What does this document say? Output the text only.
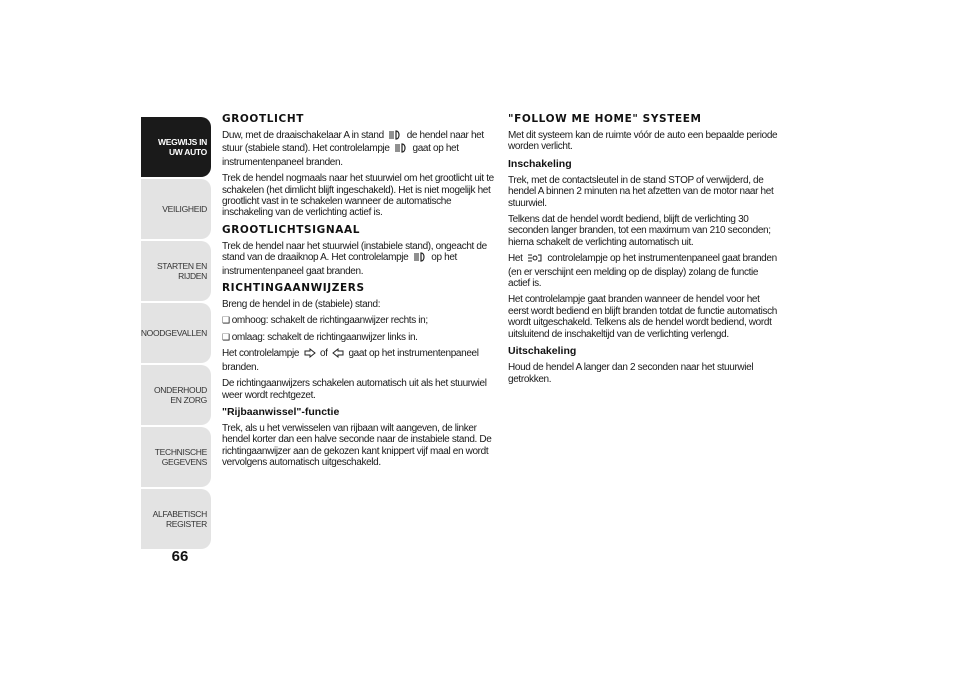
WEGWIJS IN UW AUTO
VEILIGHEID
STARTEN EN RIJDEN
NOODGEVALLEN
ONDERHOUD EN ZORG
TECHNISCHE GEGEVENS
ALFABETISCH REGISTER
66
GROOTLICHT

Duw, met de draaischakelaar A in stand de hendel naar het stuur (stabiele stand). Het controlelampje gaat op het instrumentenpaneel branden.

Trek de hendel nogmaals naar het stuurwiel om het grootlicht uit te schakelen (het dimlicht blijft ingeschakeld). Het is niet mogelijk het grootlicht vast in te schakelen wanneer de automatische inschakeling van de verlichting actief is.

GROOTLICHTSIGNAAL

Trek de hendel naar het stuurwiel (instabiele stand), ongeacht de stand van de draaiknop A. Het controlelampje op het instrumentenpaneel gaat branden.

RICHTINGAANWIJZERS

Breng de hendel in de (stabiele) stand:

❑ omhoog: schakelt de richtingaanwijzer rechts in;

❑ omlaag: schakelt de richtingaanwijzer links in.

Het controlelampje of gaat op het instrumentenpaneel branden.

De richtingaanwijzers schakelen automatisch uit als het stuurwiel weer wordt rechtgezet.

"Rijbaanwissel"-functie

Trek, als u het verwisselen van rijbaan wilt aangeven, de linker hendel korter dan een halve seconde naar de instabiele stand. De richtingaanwijzer aan de gekozen kant knippert vijf maal en wordt vervolgens automatisch uitgeschakeld.

"FOLLOW ME HOME" SYSTEEM

Met dit systeem kan de ruimte vóór de auto een bepaalde periode worden verlicht.

Inschakeling

Trek, met de contactsleutel in de stand STOP of verwijderd, de hendel A binnen 2 minuten na het afzetten van de motor naar het stuurwiel.

Telkens dat de hendel wordt bediend, blijft de verlichting 30 seconden langer branden, tot een maximum van 210 seconden; hierna schakelt de verlichting automatisch uit.

Het controlelampje op het instrumentenpaneel gaat branden (en er verschijnt een melding op de display) zolang de functie actief is.

Het controlelampje gaat branden wanneer de hendel voor het eerst wordt bediend en blijft branden totdat de functie automatisch wordt uitgeschakeld. Telkens als de hendel wordt bediend, wordt uitsluitend de inschakeltijd van de verlichting verlengd.

Uitschakeling

Houd de hendel A langer dan 2 seconden naar het stuurwiel getrokken.
